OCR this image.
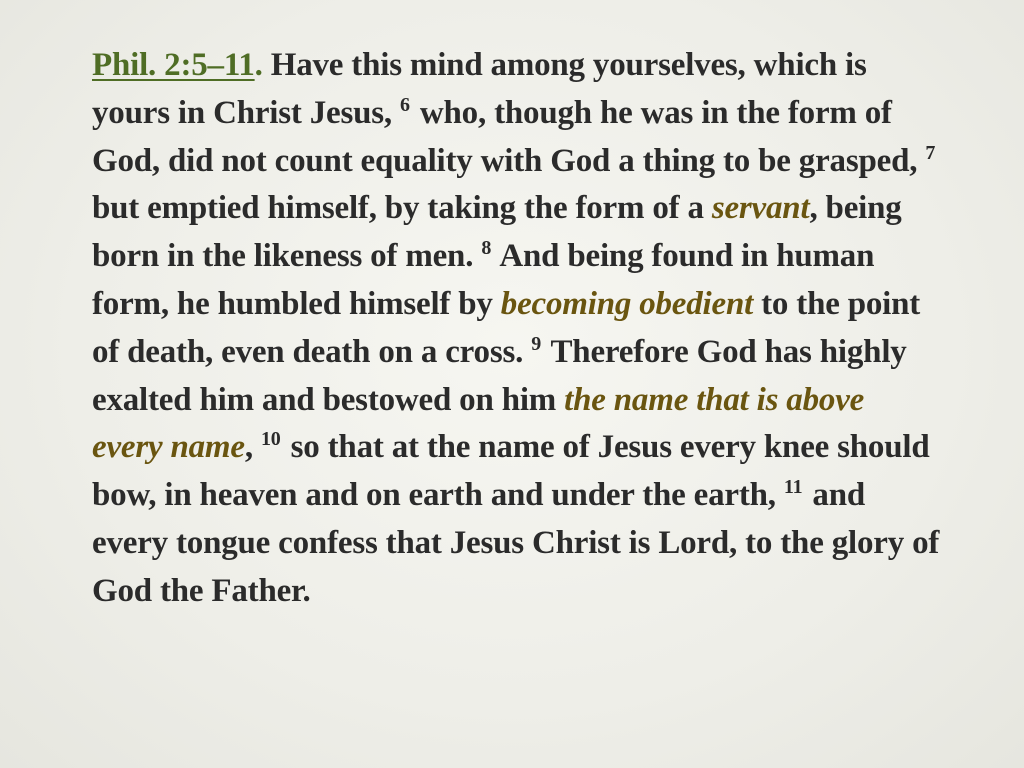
Phil. 2:5–11. Have this mind among yourselves, which is yours in Christ Jesus, $^6$ who, though he was in the form of God, did not count equality with God a thing to be grasped, $^7$ but emptied himself, by taking the form of a servant, being born in the likeness of men. $^8$ And being found in human form, he humbled himself by becoming obedient to the point of death, even death on a cross. $^9$ Therefore God has highly exalted him and bestowed on him the name that is above every name, $^{10}$ so that at the name of Jesus every knee should bow, in heaven and on earth and under the earth, $^{11}$ and every tongue confess that Jesus Christ is Lord, to the glory of God the Father.
